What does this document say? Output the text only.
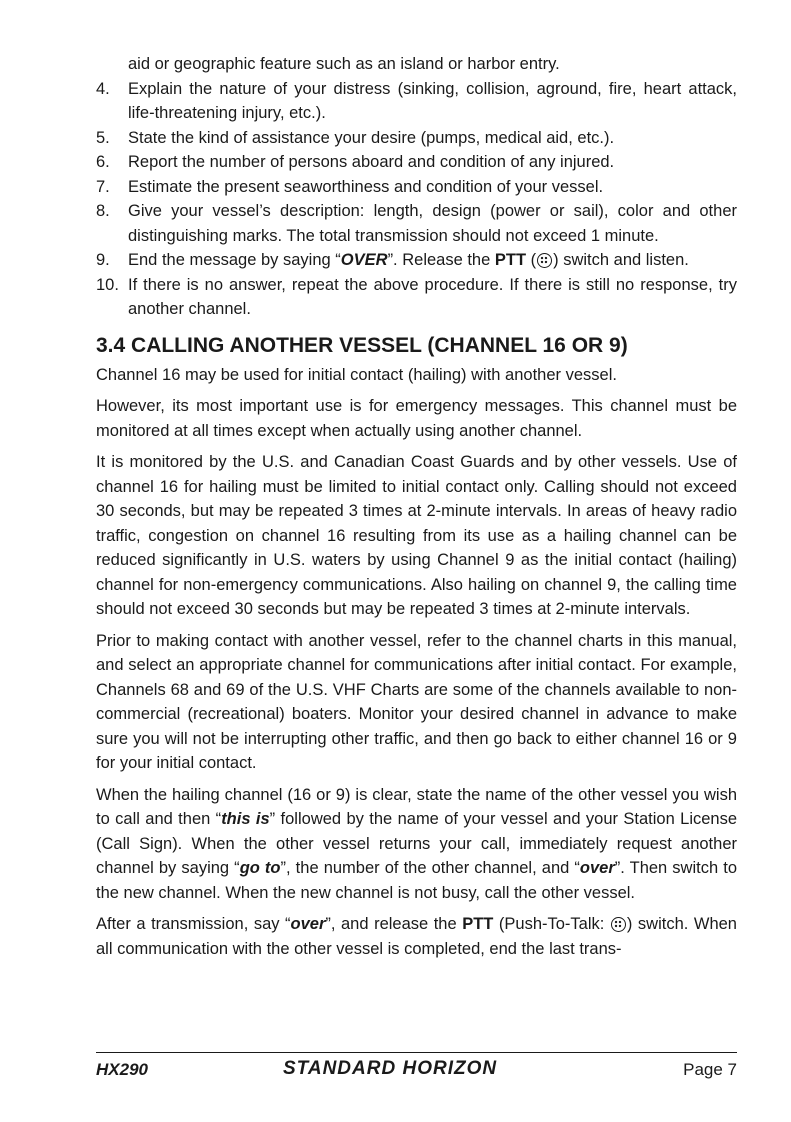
aid or geographic feature such as an island or harbor entry.
4.	Explain the nature of your distress (sinking, collision, aground, fire, heart attack, life-threatening injury, etc.).
5.	State the kind of assistance your desire (pumps, medical aid, etc.).
6.	Report the number of persons aboard and condition of any injured.
7.	Estimate the present seaworthiness and condition of your vessel.
8.	Give your vessel’s description: length, design (power or sail), color and other distinguishing marks. The total transmission should not exceed 1 minute.
9.	End the message by saying “OVER”. Release the PTT ( ) switch and listen.
10. If there is no answer, repeat the above procedure. If there is still no response, try another channel.
3.4 CALLING ANOTHER VESSEL (CHANNEL 16 OR 9)

Channel 16 may be used for initial contact (hailing) with another vessel.

However, its most important use is for emergency messages. This channel must be monitored at all times except when actually using another channel.

It is monitored by the U.S. and Canadian Coast Guards and by other vessels. Use of channel 16 for hailing must be limited to initial contact only. Calling should not exceed 30 seconds, but may be repeated 3 times at 2-minute intervals. In areas of heavy radio traffic, congestion on channel 16 resulting from its use as a hailing channel can be reduced significantly in U.S. waters by using Channel 9 as the initial contact (hailing) channel for non-emergency communications. Also hailing on channel 9, the calling time should not exceed 30 seconds but may be repeated 3 times at 2-minute intervals.

Prior to making contact with another vessel, refer to the channel charts in this manual, and select an appropriate channel for communications after initial contact. For example, Channels 68 and 69 of the U.S. VHF Charts are some of the channels available to non-commercial (recreational) boaters. Monitor your desired channel in advance to make sure you will not be interrupting other traffic, and then go back to either channel 16 or 9 for your initial contact.

When the hailing channel (16 or 9) is clear, state the name of the other vessel you wish to call and then “this is” followed by the name of your vessel and your Station License (Call Sign). When the other vessel returns your call, immediately request another channel by saying “go to”, the number of the other channel, and “over”. Then switch to the new channel. When the new channel is not busy, call the other vessel.

After a transmission, say “over”, and release the PTT (Push-To-Talk: ) switch. When all communication with the other vessel is completed, end the last trans-

HX290	STANDARD HORIZON	Page 7
